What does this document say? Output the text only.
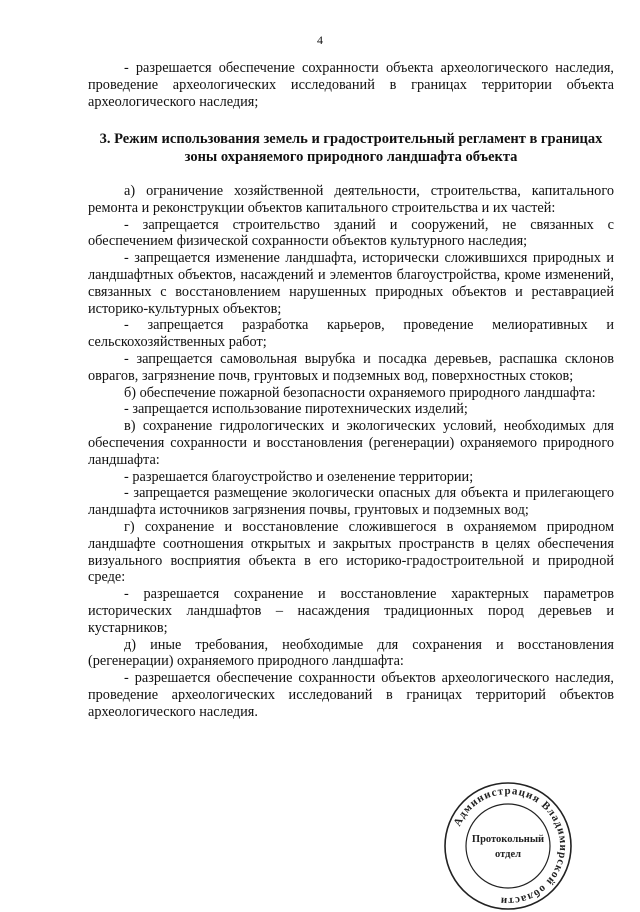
4

- разрешается обеспечение сохранности объекта археологического наследия, проведение археологических исследований в границах территории объекта археологического наследия;

3. Режим использования земель и градостроительный регламент в границах зоны охраняемого природного ландшафта объекта

а) ограничение хозяйственной деятельности, строительства, капитального ремонта и реконструкции объектов капитального строительства и их частей:

- запрещается строительство зданий и сооружений, не связанных с обеспечением физической сохранности объектов культурного наследия;

- запрещается изменение ландшафта, исторически сложившихся природных и ландшафтных объектов, насаждений и элементов благоустройства, кроме изменений, связанных с восстановлением нарушенных природных объектов и реставрацией историко-культурных объектов;

- запрещается разработка карьеров, проведение мелиоративных и сельскохозяйственных работ;

- запрещается самовольная вырубка и посадка деревьев, распашка склонов оврагов, загрязнение почв, грунтовых и подземных вод, поверхностных стоков;

б) обеспечение пожарной безопасности охраняемого природного ландшафта:

- запрещается использование пиротехнических изделий;

в) сохранение гидрологических и экологических условий, необходимых для обеспечения сохранности и восстановления (регенерации) охраняемого природного ландшафта:

- разрешается благоустройство и озеленение территории;

- запрещается размещение экологически опасных для объекта и прилегающего ландшафта источников загрязнения почвы, грунтовых и подземных вод;

г) сохранение и восстановление сложившегося в охраняемом природном ландшафте соотношения открытых и закрытых пространств в целях обеспечения визуального восприятия объекта в его историко-градостроительной и природной среде:

- разрешается сохранение и восстановление характерных параметров исторических ландшафтов – насаждения традиционных пород деревьев и кустарников;

д) иные требования, необходимые для сохранения и восстановления (регенерации) охраняемого природного ландшафта:

- разрешается обеспечение сохранности объектов археологического наследия, проведение археологических исследований в границах территорий объектов археологического наследия.

Администрация Владимирской области
Протокольный
отдел
